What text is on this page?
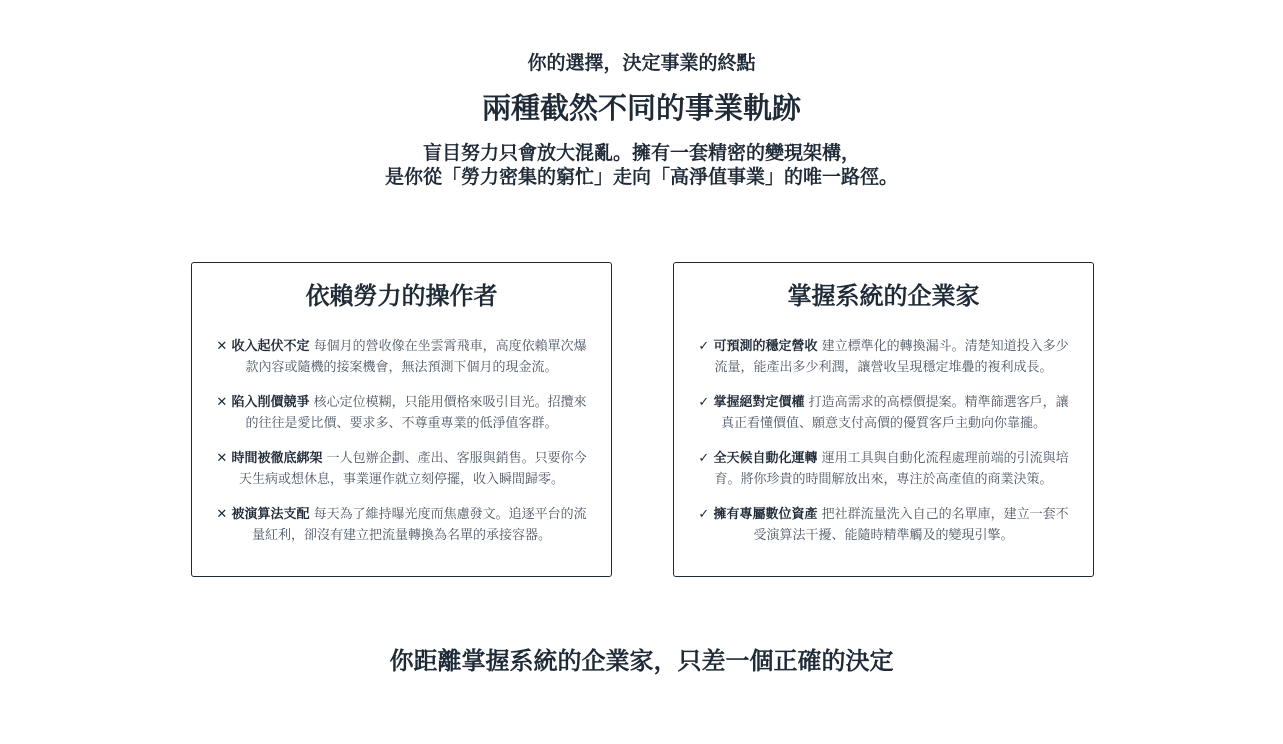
你的選擇，決定事業的終點
兩種截然不同的事業軌跡
盲目努力只會放大混亂。擁有一套精密的變現架構，
是你從「勞力密集的窮忙」走向「高淨值事業」的唯一路徑。
依賴勞力的操作者
✕ 收入起伏不定 每個月的營收像在坐雲霄飛車，高度依賴單次爆款內容或隨機的接案機會，無法預測下個月的現金流。
✕ 陷入削價競爭 核心定位模糊，只能用價格來吸引目光。招攬來的往往是愛比價、要求多、不尊重專業的低淨值客群。
✕ 時間被徹底綁架 一人包辦企劃、產出、客服與銷售。只要你今天生病或想休息，事業運作就立刻停擺，收入瞬間歸零。
✕ 被演算法支配 每天為了維持曝光度而焦慮發文。追逐平台的流量紅利，卻沒有建立把流量轉換為名單的承接容器。
掌握系統的企業家
✓ 可預測的穩定營收 建立標準化的轉換漏斗。清楚知道投入多少流量，能產出多少利潤，讓營收呈現穩定堆疊的複利成長。
✓ 掌握絕對定價權 打造高需求的高標價提案。精準篩選客戶，讓真正看懂價值、願意支付高價的優質客戶主動向你靠攏。
✓ 全天候自動化運轉 運用工具與自動化流程處理前端的引流與培育。將你珍貴的時間解放出來，專注於高產值的商業決策。
✓ 擁有專屬數位資產 把社群流量洗入自己的名單庫，建立一套不受演算法干擾、能隨時精準觸及的變現引擎。
你距離掌握系統的企業家，只差一個正確的決定
